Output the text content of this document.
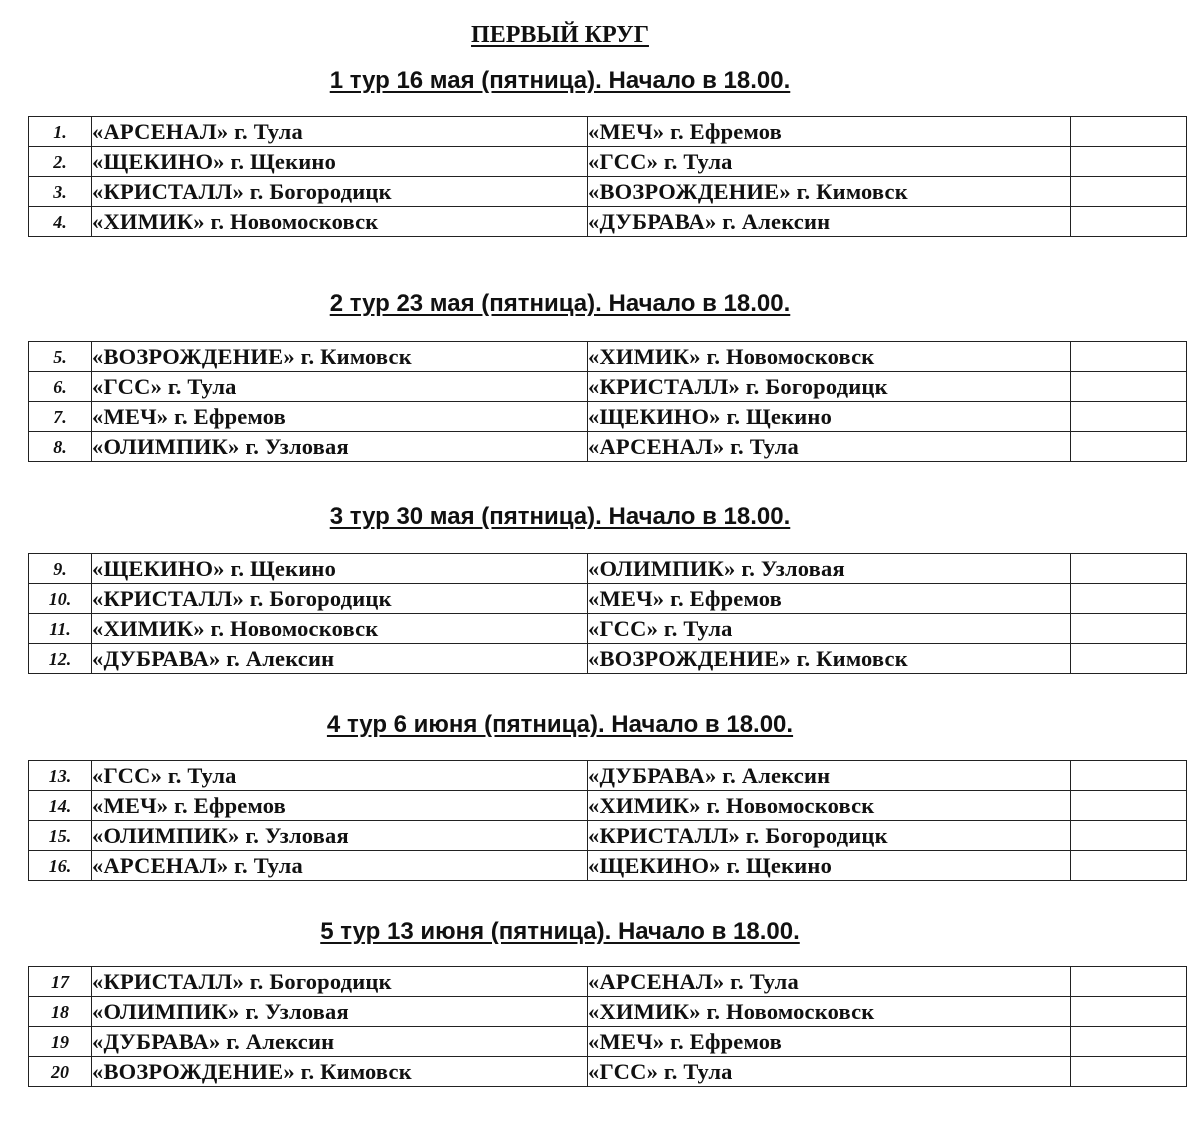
ПЕРВЫЙ КРУГ
1 тур 16 мая (пятница). Начало в 18.00.
1.	«АРСЕНАЛ» г. Тула	«МЕЧ» г. Ефремов	
2.	«ЩЕКИНО» г. Щекино	«ГСС» г. Тула	
3.	«КРИСТАЛЛ» г. Богородицк	«ВОЗРОЖДЕНИЕ» г. Кимовск	
4.	«ХИМИК» г. Новомосковск	«ДУБРАВА» г. Алексин	
2 тур 23 мая (пятница). Начало в 18.00.
5.	«ВОЗРОЖДЕНИЕ» г. Кимовск	«ХИМИК» г. Новомосковск	
6.	«ГСС» г. Тула	«КРИСТАЛЛ» г. Богородицк	
7.	«МЕЧ» г. Ефремов	«ЩЕКИНО» г. Щекино	
8.	«ОЛИМПИК» г. Узловая	«АРСЕНАЛ» г. Тула	
3 тур 30 мая (пятница). Начало в 18.00.
9.	«ЩЕКИНО» г. Щекино	«ОЛИМПИК» г. Узловая	
10.	«КРИСТАЛЛ» г. Богородицк	«МЕЧ» г. Ефремов	
11.	«ХИМИК» г. Новомосковск	«ГСС» г. Тула	
12.	«ДУБРАВА» г. Алексин	«ВОЗРОЖДЕНИЕ» г. Кимовск	
4 тур 6 июня (пятница). Начало в 18.00.
13.	«ГСС» г. Тула	«ДУБРАВА» г. Алексин	
14.	«МЕЧ» г. Ефремов	«ХИМИК» г. Новомосковск	
15.	«ОЛИМПИК» г. Узловая	«КРИСТАЛЛ» г. Богородицк	
16.	«АРСЕНАЛ» г. Тула	«ЩЕКИНО» г. Щекино	
5 тур 13 июня (пятница). Начало в 18.00.
17	«КРИСТАЛЛ» г. Богородицк	«АРСЕНАЛ» г. Тула	
18	«ОЛИМПИК» г. Узловая	«ХИМИК» г. Новомосковск	
19	«ДУБРАВА» г. Алексин	«МЕЧ» г. Ефремов	
20	«ВОЗРОЖДЕНИЕ» г. Кимовск	«ГСС» г. Тула	
